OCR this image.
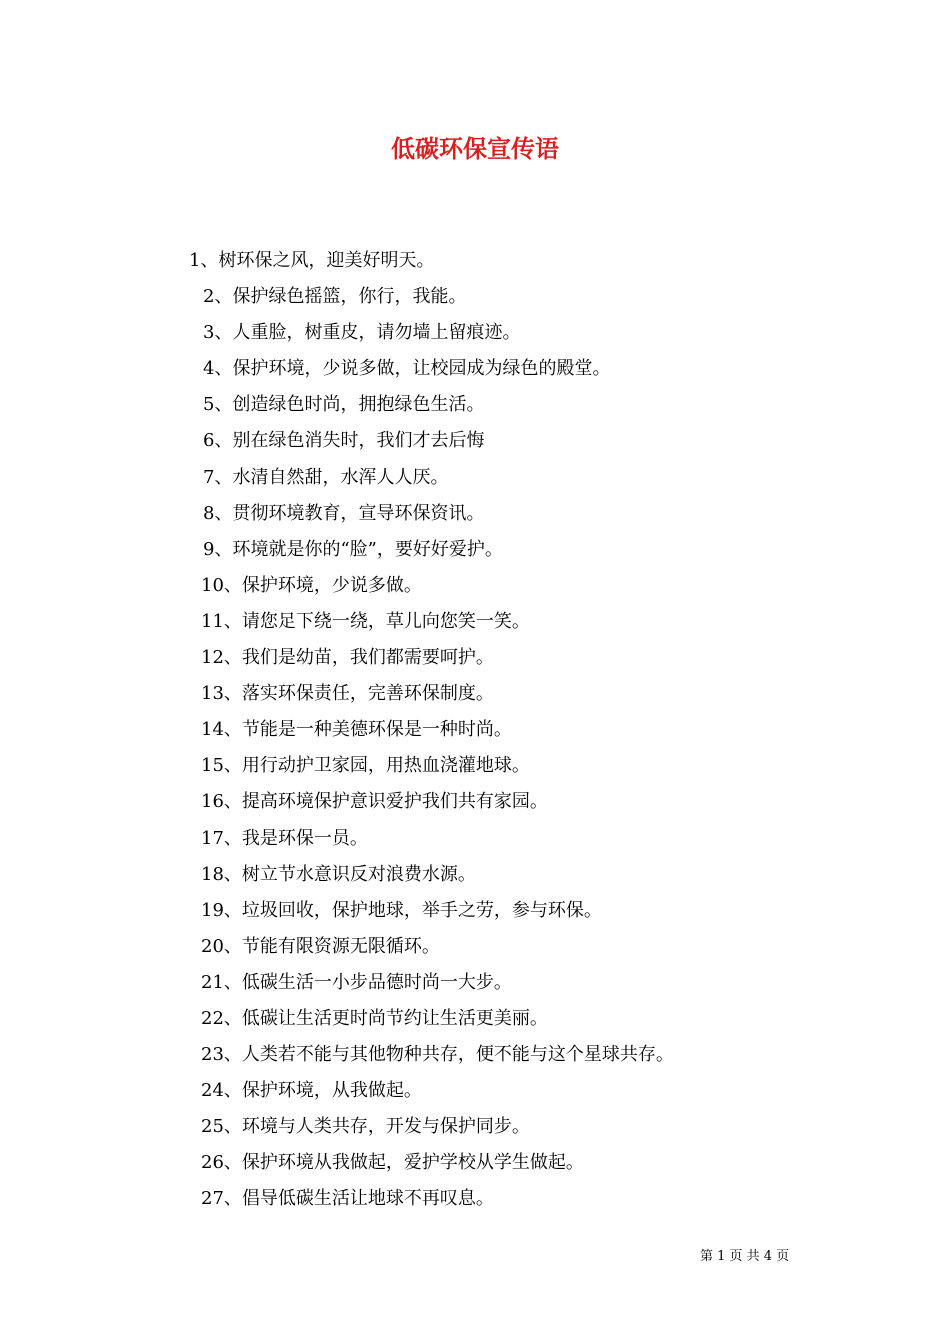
低碳环保宣传语
1、树环保之风，迎美好明天。
2、保护绿色摇篮，你行，我能。
3、人重脸，树重皮，请勿墙上留痕迹。
4、保护环境，少说多做，让校园成为绿色的殿堂。
5、创造绿色时尚，拥抱绿色生活。
6、别在绿色消失时，我们才去后悔
7、水清自然甜，水浑人人厌。
8、贯彻环境教育，宣导环保资讯。
9、环境就是你的“脸”，要好好爱护。
10、保护环境，少说多做。
11、请您足下绕一绕，草儿向您笑一笑。
12、我们是幼苗，我们都需要呵护。
13、落实环保责任，完善环保制度。
14、节能是一种美德环保是一种时尚。
15、用行动护卫家园，用热血浇灌地球。
16、提高环境保护意识爱护我们共有家园。
17、我是环保一员。
18、树立节水意识反对浪费水源。
19、垃圾回收，保护地球，举手之劳，参与环保。
20、节能有限资源无限循环。
21、低碳生活一小步品德时尚一大步。
22、低碳让生活更时尚节约让生活更美丽。
23、人类若不能与其他物种共存，便不能与这个星球共存。
24、保护环境，从我做起。
25、环境与人类共存，开发与保护同步。
26、保护环境从我做起，爱护学校从学生做起。
27、倡导低碳生活让地球不再叹息。
第 1 页 共 4 页
